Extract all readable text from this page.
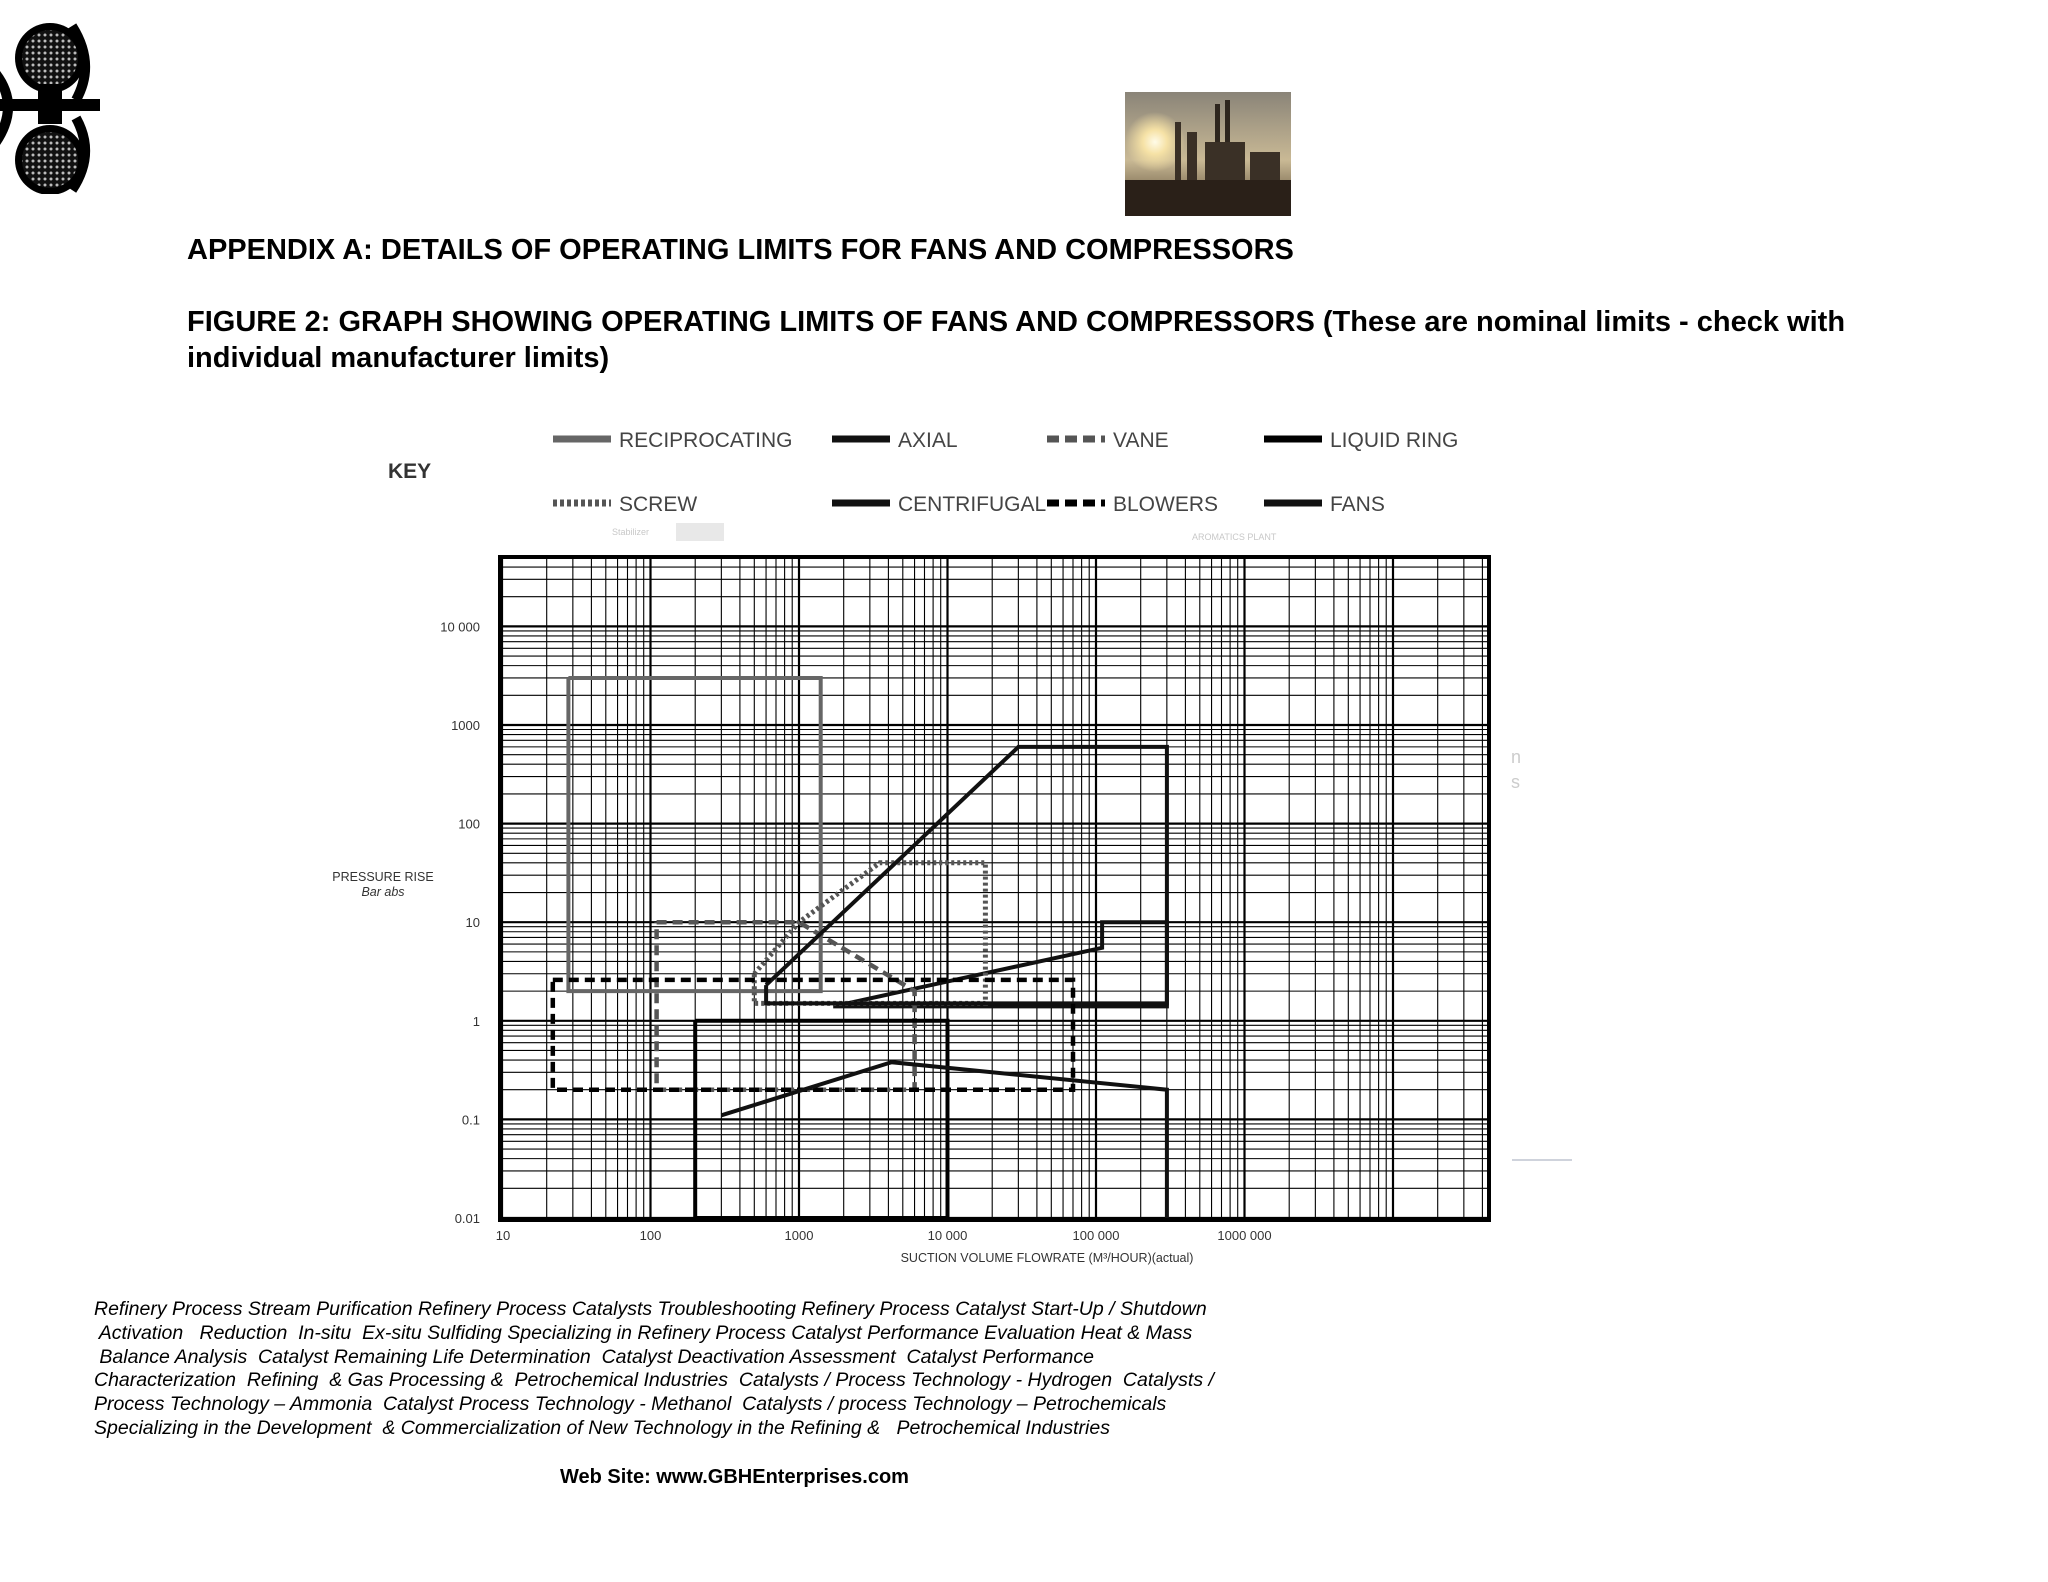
APPENDIX A: DETAILS OF OPERATING LIMITS FOR FANS AND COMPRESSORS
FIGURE 2: GRAPH SHOWING OPERATING LIMITS OF FANS AND COMPRESSORS (These are nominal limits - check with individual manufacturer limits)
Stabilizer	AROMATICS PLANT
n
s
KEY
RECIPROCATING	AXIAL	VANE	LIQUID RING
SCREW	CENTRIFUGAL	BLOWERS	FANS
10 000
1000
100
10
1
0.1
0.01
10	100	1000	10 000	100 000	1000 000
PRESSURE RISE
Bar abs
SUCTION VOLUME FLOWRATE (M³/HOUR)(actual)
Refinery Process Stream Purification Refinery Process Catalysts Troubleshooting Refinery Process Catalyst Start-Up / Shutdown
Activation   Reduction  In-situ  Ex-situ Sulfiding Specializing in Refinery Process Catalyst Performance Evaluation Heat & Mass
Balance Analysis  Catalyst Remaining Life Determination  Catalyst Deactivation Assessment  Catalyst Performance
Characterization  Refining  & Gas Processing &  Petrochemical Industries  Catalysts / Process Technology - Hydrogen  Catalysts /
Process Technology – Ammonia  Catalyst Process Technology - Methanol  Catalysts / process Technology – Petrochemicals
Specializing in the Development  & Commercialization of New Technology in the Refining &   Petrochemical Industries
Web Site: www.GBHEnterprises.com
